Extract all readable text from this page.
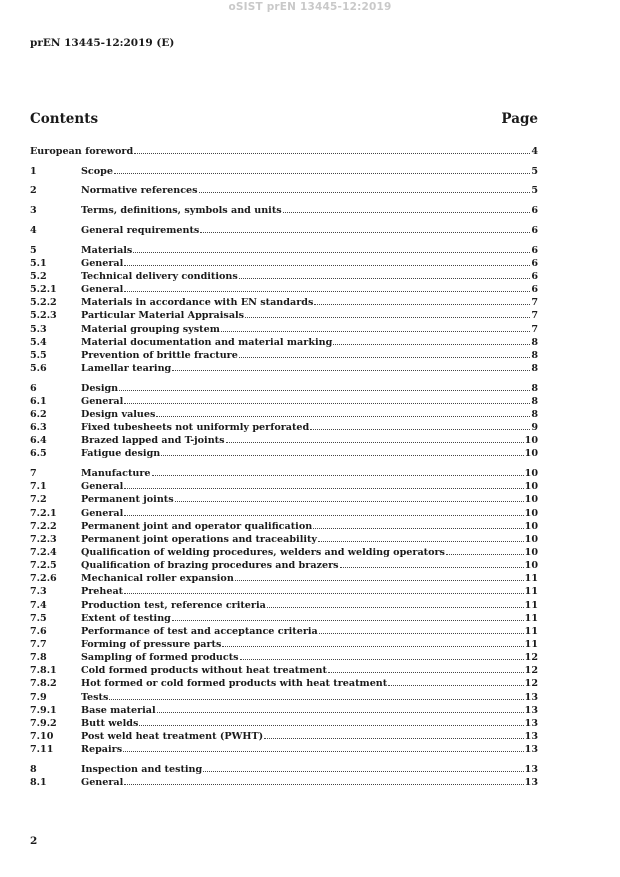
oSIST prEN 13445-12:2019
prEN 13445-12:2019 (E)
Contents	Page
European foreword	4
1	Scope	5
2	Normative references	5
3	Terms, definitions, symbols and units	6
4	General requirements	6
5	Materials	6
5.1	General	6
5.2	Technical delivery conditions	6
5.2.1	General	6
5.2.2	Materials in accordance with EN standards	7
5.2.3	Particular Material Appraisals	7
5.3	Material grouping system	7
5.4	Material documentation and material marking	8
5.5	Prevention of brittle fracture	8
5.6	Lamellar tearing	8
6	Design	8
6.1	General	8
6.2	Design values	8
6.3	Fixed tubesheets not uniformly perforated	9
6.4	Brazed lapped and T-joints	10
6.5	Fatigue design	10
7	Manufacture	10
7.1	General	10
7.2	Permanent joints	10
7.2.1	General	10
7.2.2	Permanent joint and operator qualification	10
7.2.3	Permanent joint operations and traceability	10
7.2.4	Qualification of welding procedures, welders and welding operators	10
7.2.5	Qualification of brazing procedures and brazers	10
7.2.6	Mechanical roller expansion	11
7.3	Preheat	11
7.4	Production test, reference criteria	11
7.5	Extent of testing	11
7.6	Performance of test and acceptance criteria	11
7.7	Forming of pressure parts	11
7.8	Sampling of formed products	12
7.8.1	Cold formed products without heat treatment	12
7.8.2	Hot formed or cold formed products with heat treatment	12
7.9	Tests	13
7.9.1	Base material	13
7.9.2	Butt welds	13
7.10	Post weld heat treatment (PWHT)	13
7.11	Repairs	13
8	Inspection and testing	13
8.1	General	13
2
